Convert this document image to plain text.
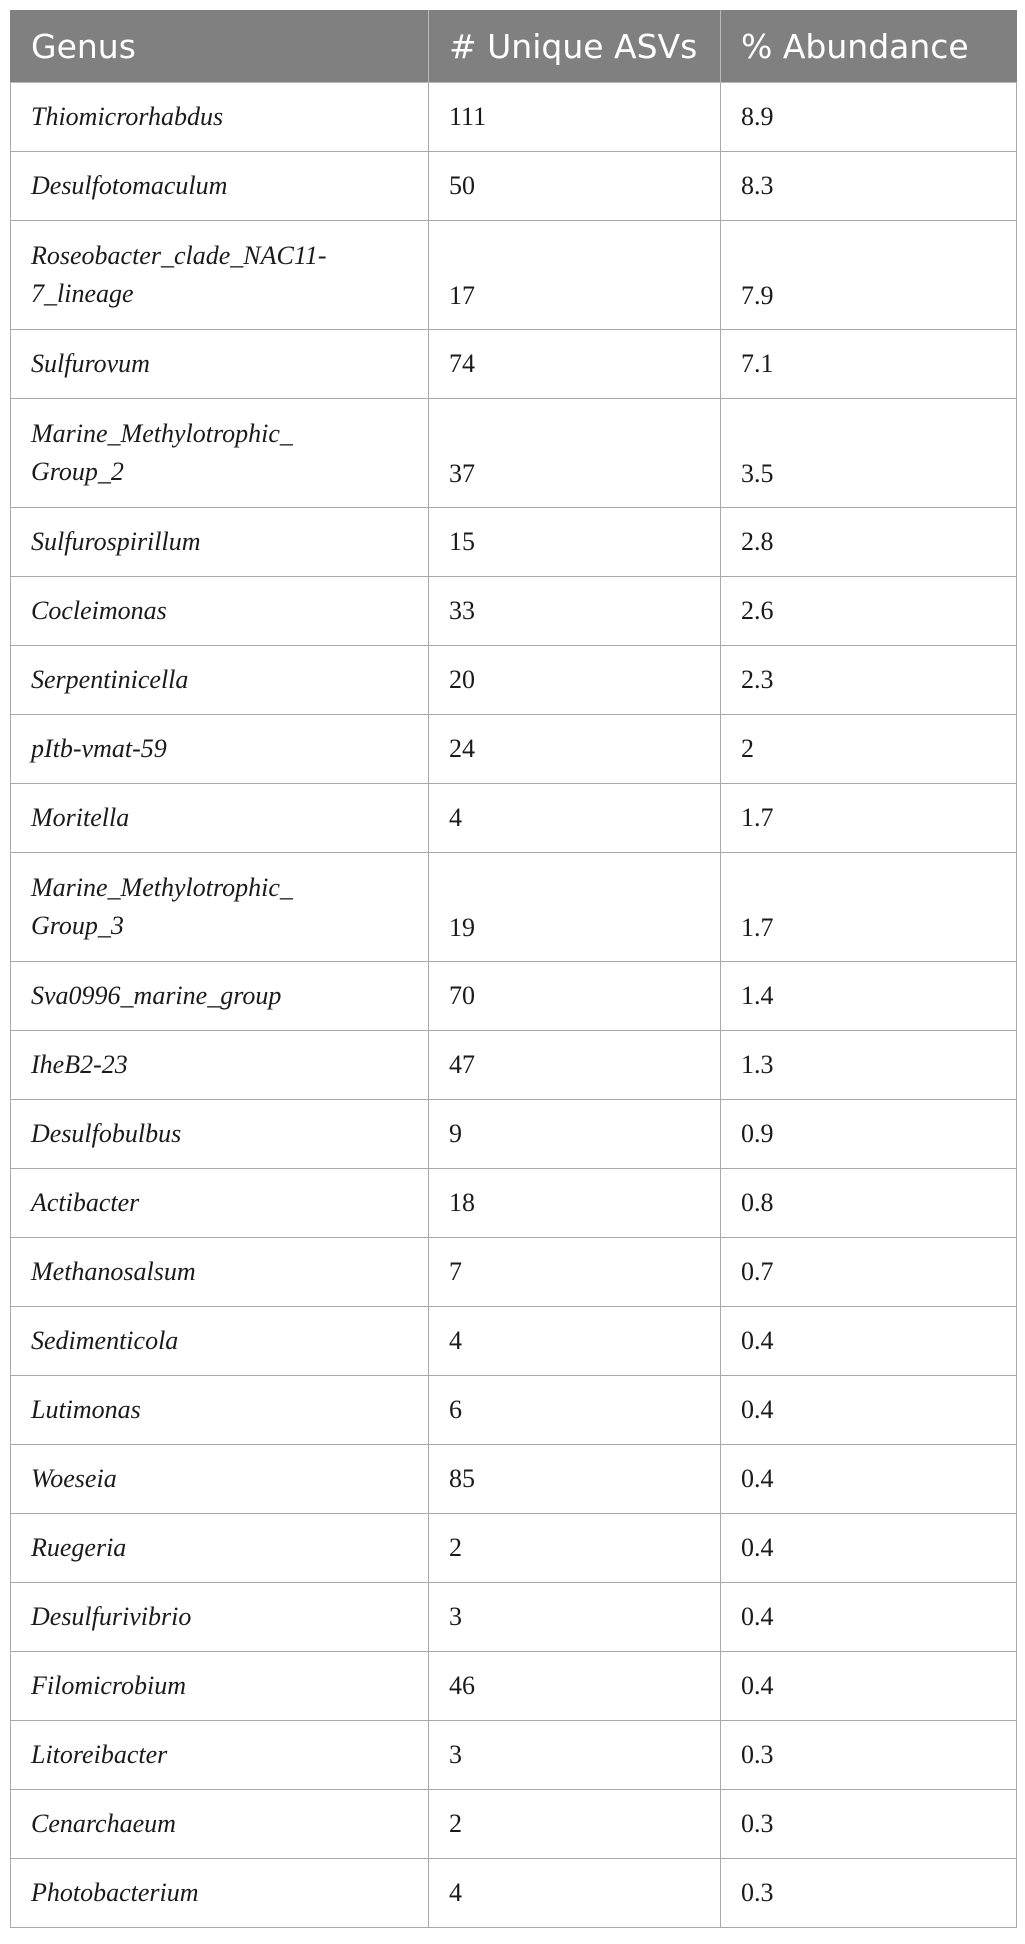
Genus	# Unique ASVs	% Abundance
Thiomicrorhabdus	111	8.9
Desulfotomaculum	50	8.3
Roseobacter_clade_NAC11-
7_lineage	17	7.9
Sulfurovum	74	7.1
Marine_Methylotrophic_
Group_2	37	3.5
Sulfurospirillum	15	2.8
Cocleimonas	33	2.6
Serpentinicella	20	2.3
pItb-vmat-59	24	2
Moritella	4	1.7
Marine_Methylotrophic_
Group_3	19	1.7
Sva0996_marine_group	70	1.4
IheB2-23	47	1.3
Desulfobulbus	9	0.9
Actibacter	18	0.8
Methanosalsum	7	0.7
Sedimenticola	4	0.4
Lutimonas	6	0.4
Woeseia	85	0.4
Ruegeria	2	0.4
Desulfurivibrio	3	0.4
Filomicrobium	46	0.4
Litoreibacter	3	0.3
Cenarchaeum	2	0.3
Photobacterium	4	0.3
